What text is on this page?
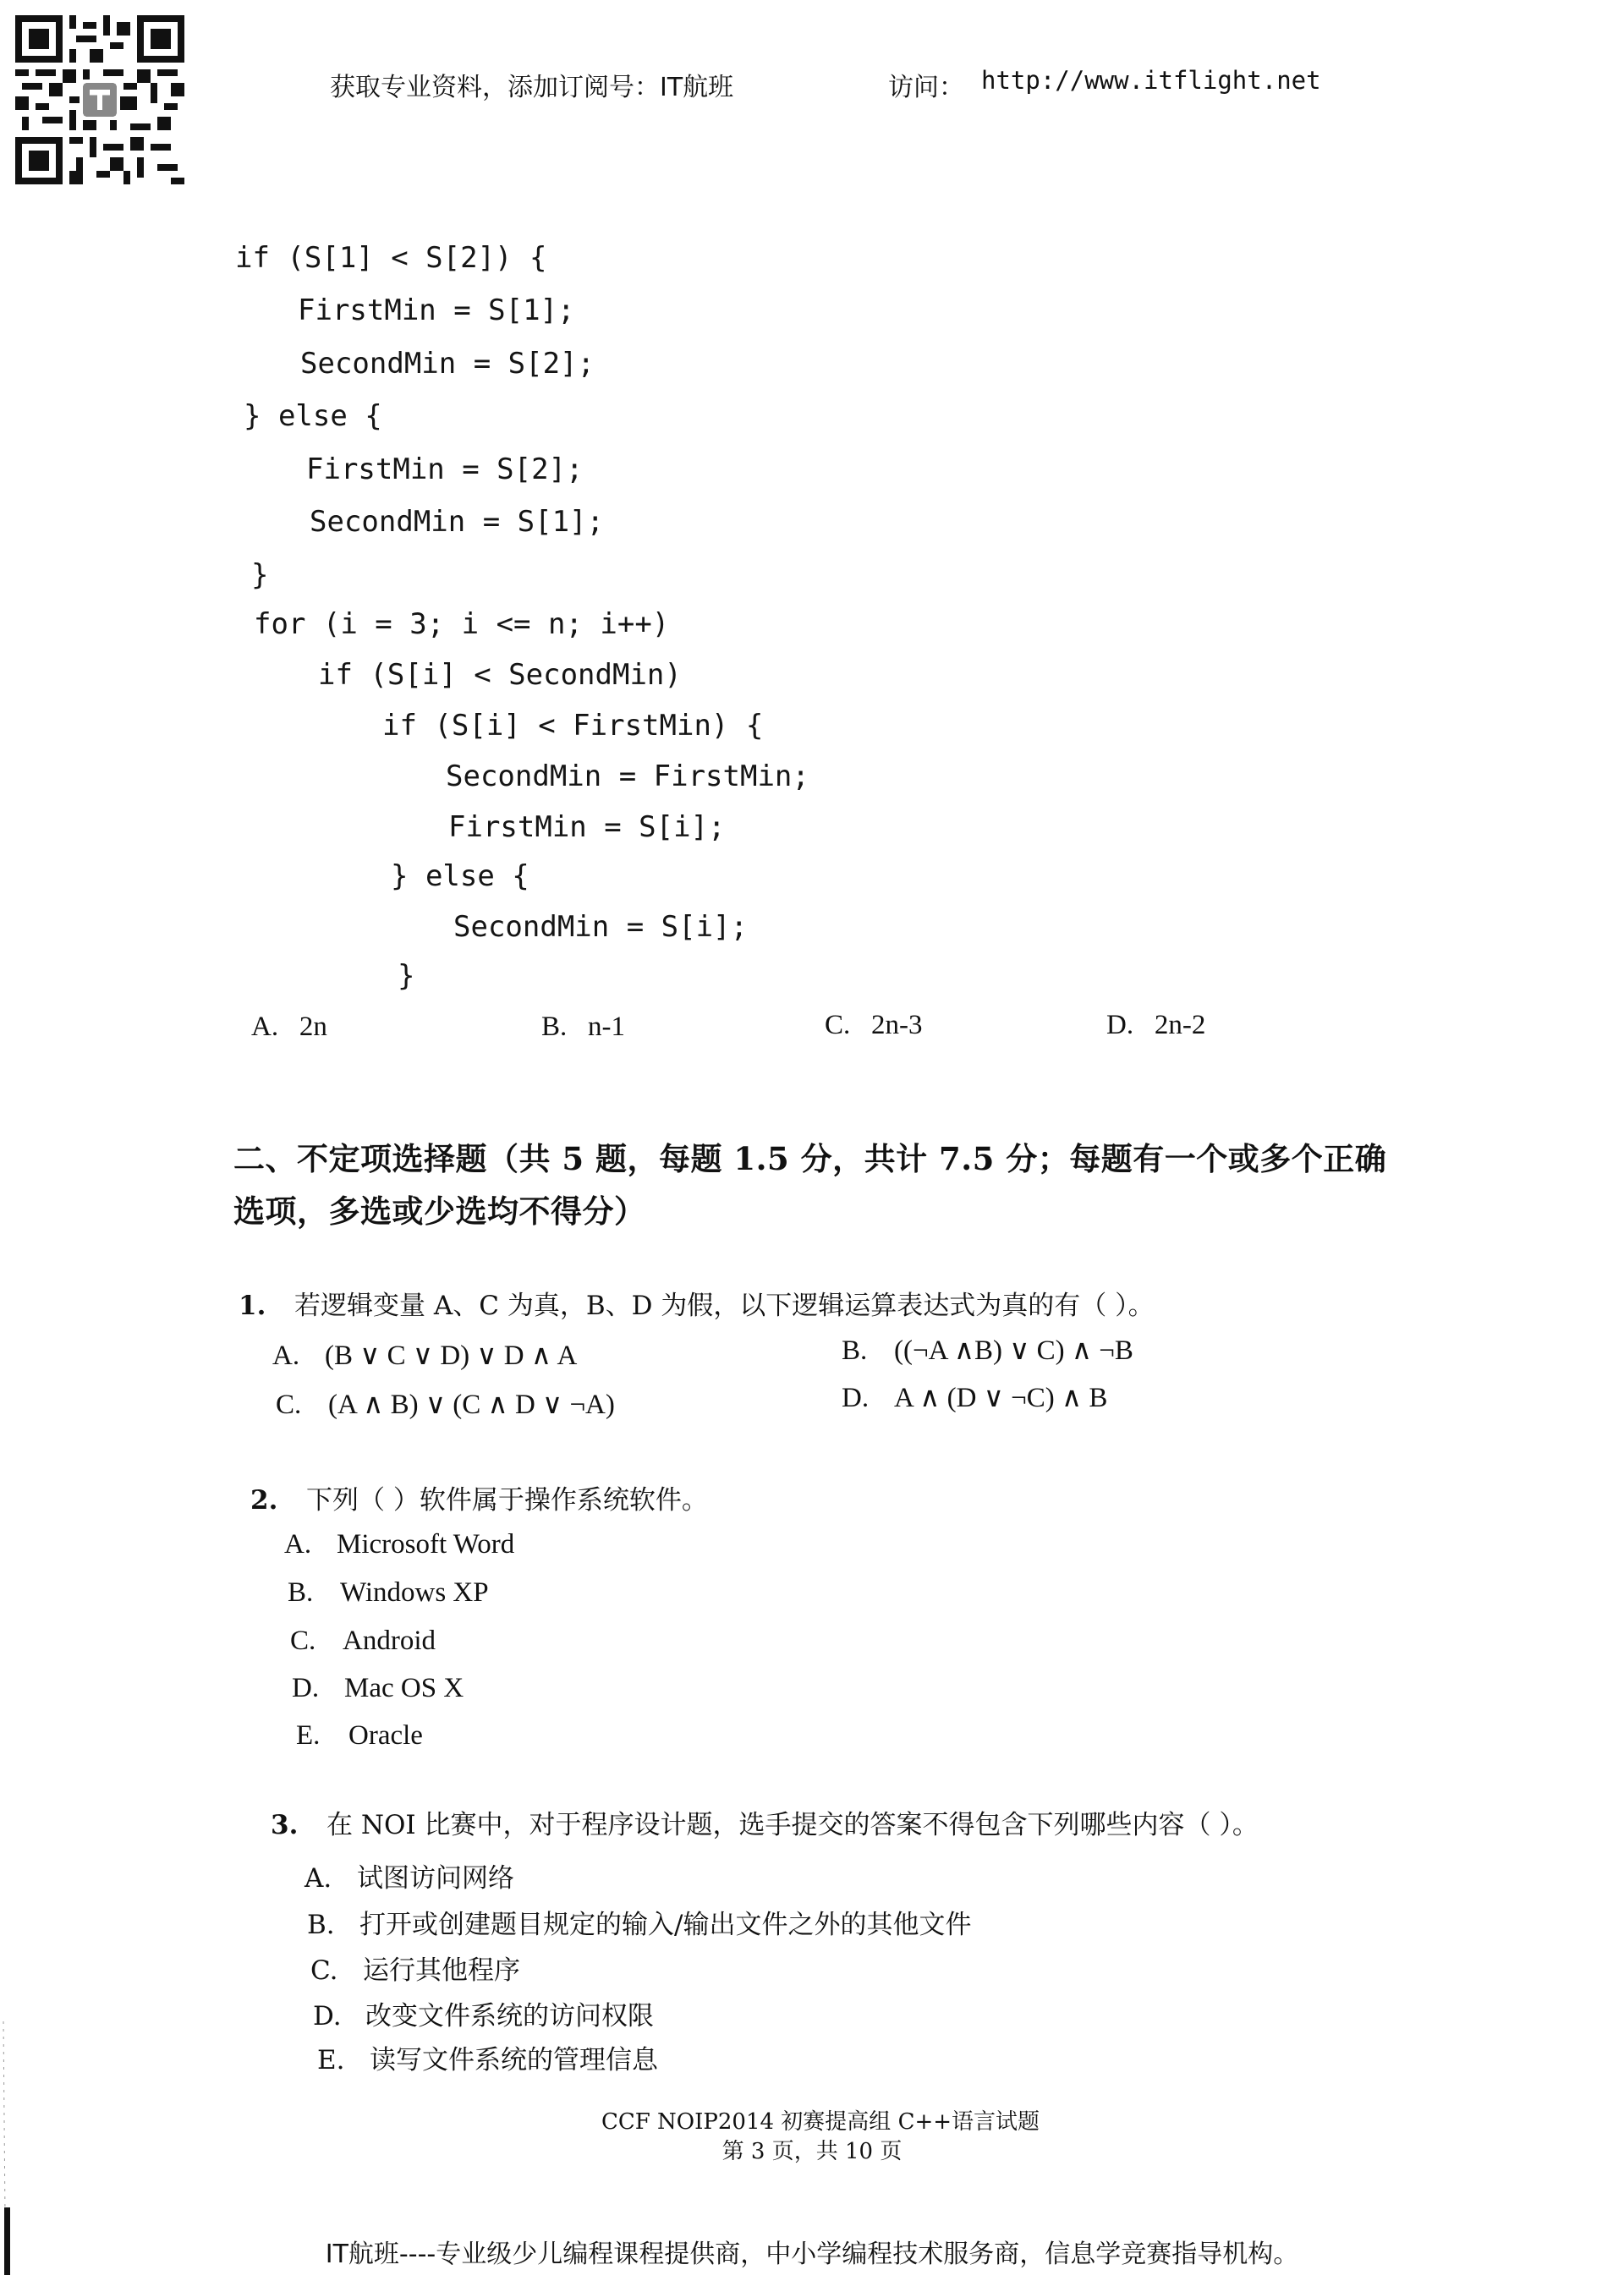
获取专业资料，添加订阅号：IT航班	访问： http://www.itflight.net
if (S[1] < S[2]) {
FirstMin = S[1];
SecondMin = S[2];
} else {
FirstMin = S[2];
SecondMin = S[1];
}
for (i = 3; i <= n; i++)
if (S[i] < SecondMin)
if (S[i] < FirstMin) {
SecondMin = FirstMin;
FirstMin = S[i];
} else {
SecondMin = S[i];
}
A. 2n	B. n-1	C. 2n-3	D. 2n-2
二、不定项选择题（共 5 题，每题 1.5 分，共计 7.5 分；每题有一个或多个正确
选项，多选或少选均不得分）
1. 若逻辑变量 A、C 为真，B、D 为假，以下逻辑运算表达式为真的有（ ）。
A. (B ∨ C ∨ D) ∨ D ∧ A	B. ((¬A ∧B) ∨ C) ∧ ¬B
C. (A ∧ B) ∨ (C ∧ D ∨ ¬A)	D. A ∧ (D ∨ ¬C) ∧ B
2. 下列（ ）软件属于操作系统软件。
A. Microsoft Word
B. Windows XP
C. Android
D. Mac OS X
E. Oracle
3. 在 NOI 比赛中，对于程序设计题，选手提交的答案不得包含下列哪些内容（ ）。
A. 试图访问网络
B. 打开或创建题目规定的输入/输出文件之外的其他文件
C. 运行其他程序
D. 改变文件系统的访问权限
E. 读写文件系统的管理信息
CCF NOIP2014 初赛提高组 C++语言试题
第 3 页，共 10 页
IT航班----专业级少儿编程课程提供商，中小学编程技术服务商，信息学竞赛指导机构。
